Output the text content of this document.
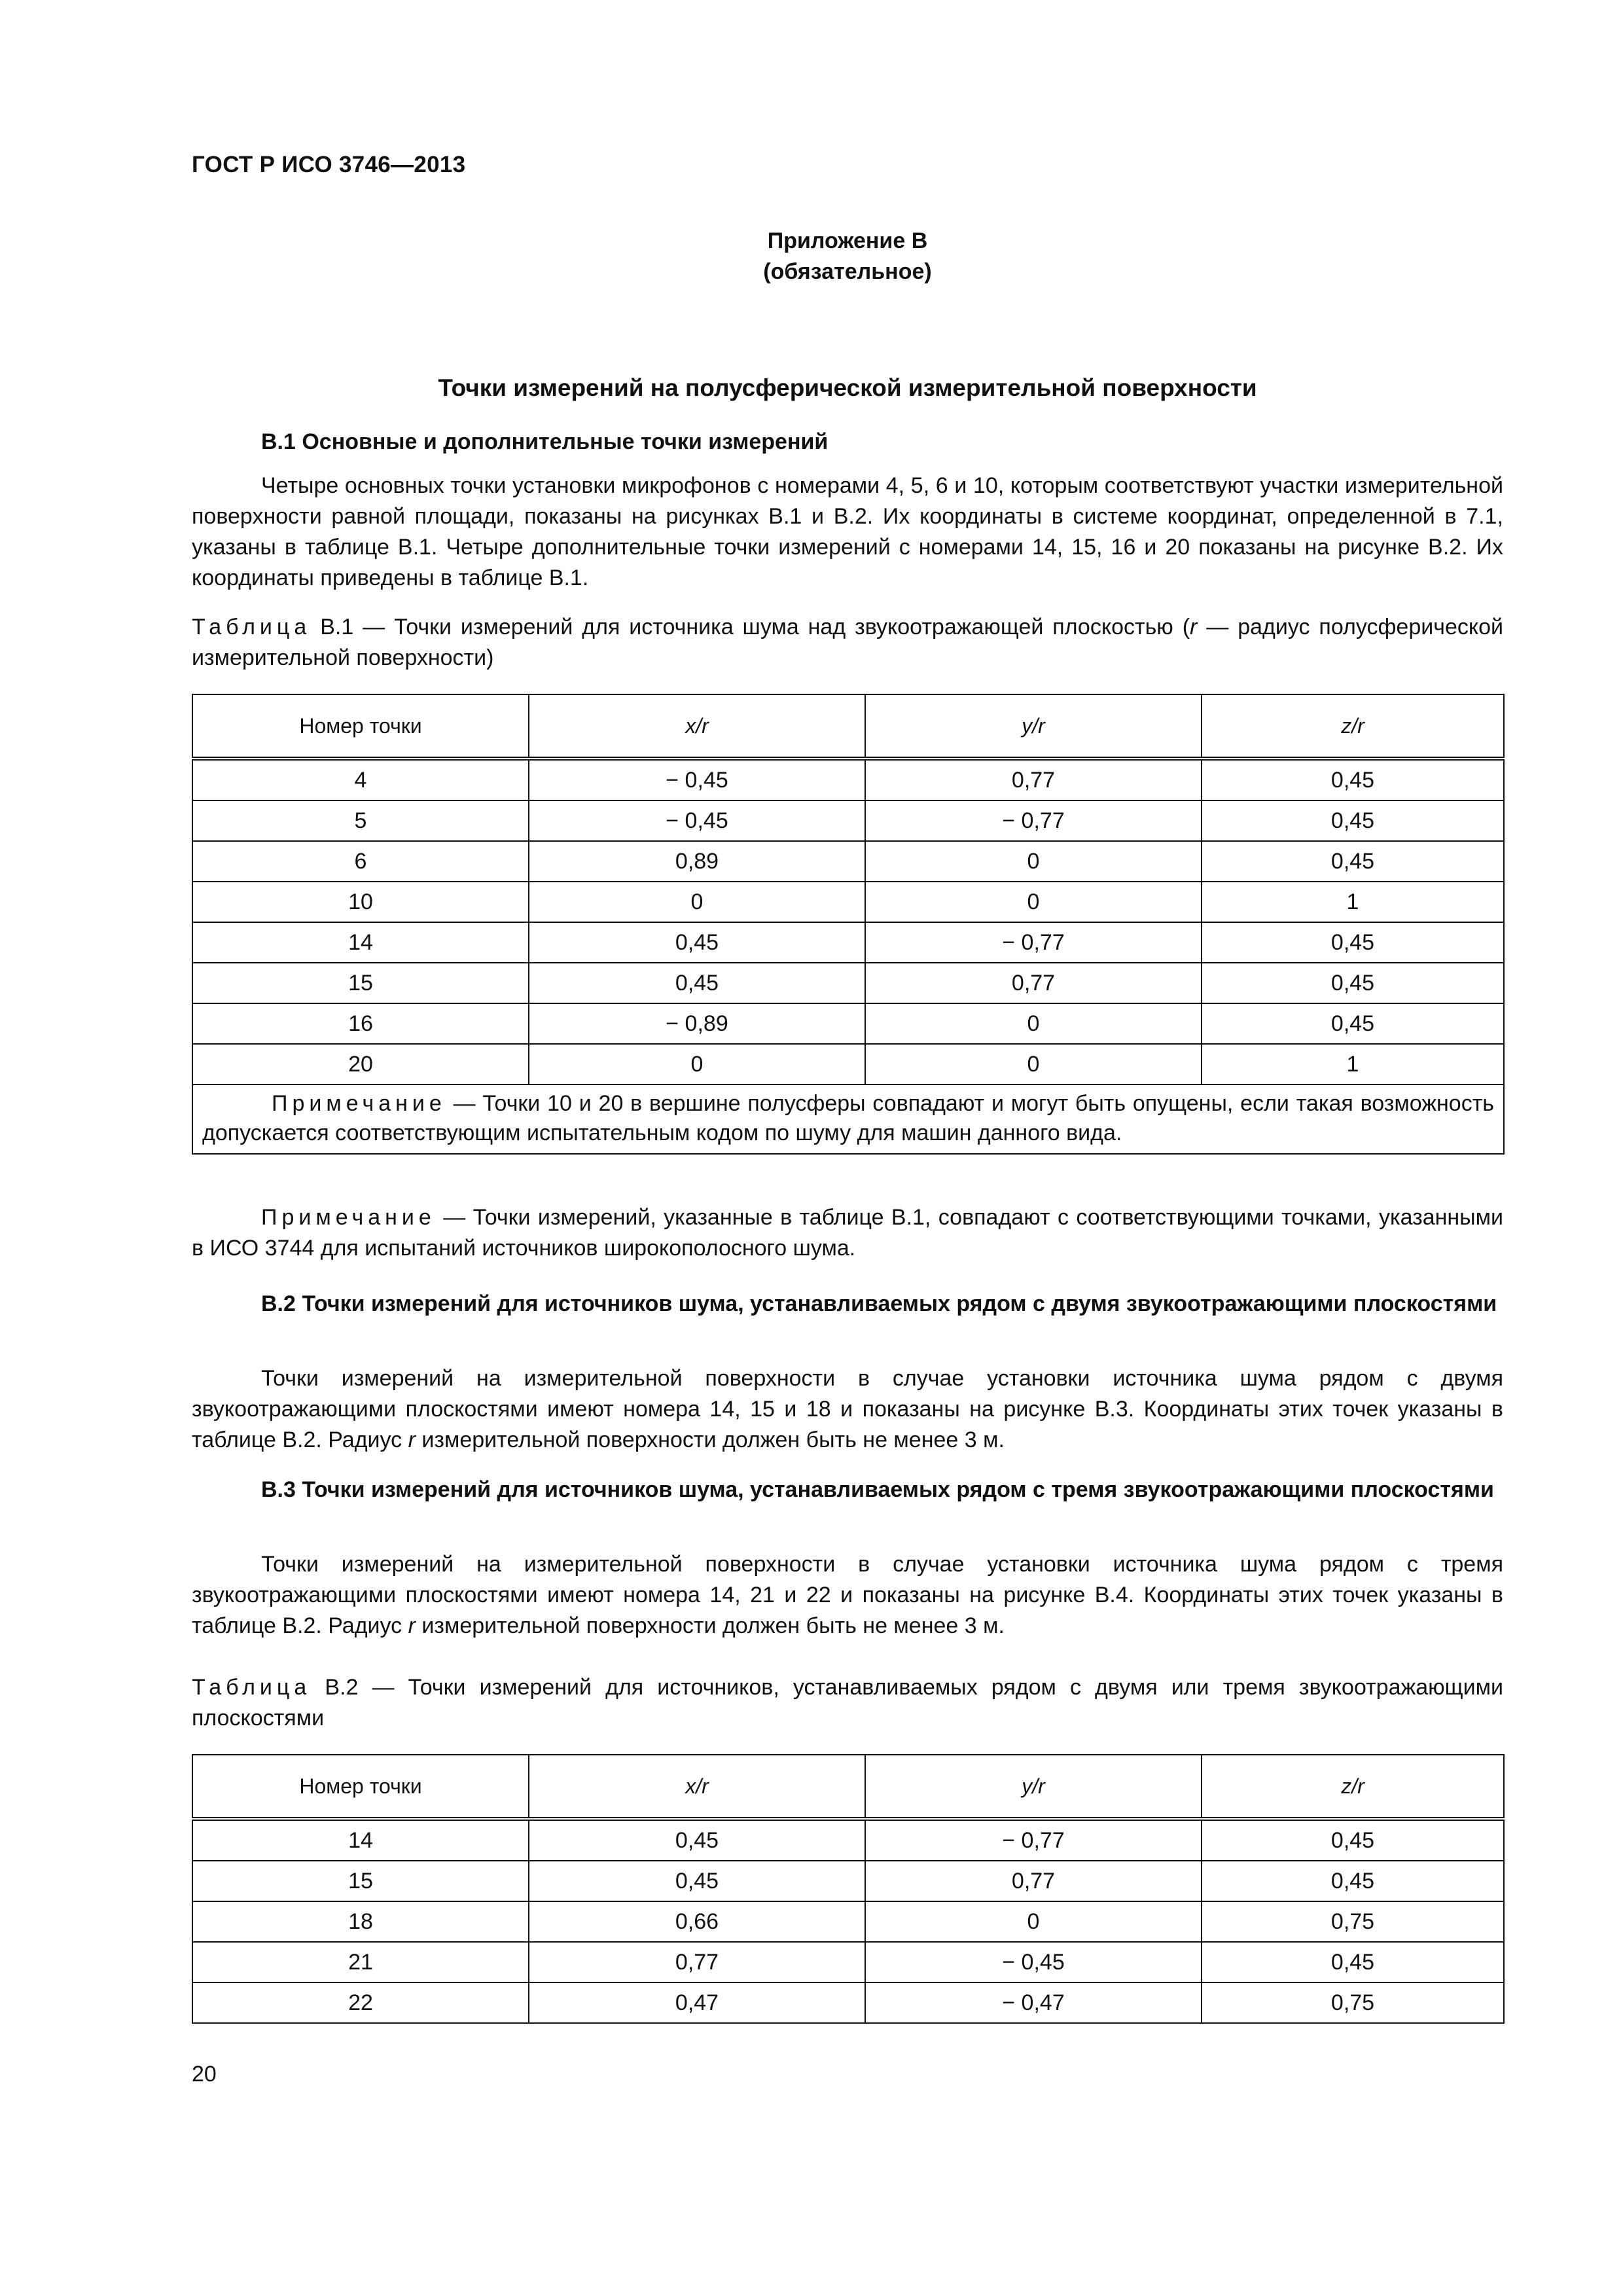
ГОСТ Р ИСО 3746—2013
Приложение В
(обязательное)
Точки измерений на полусферической измерительной поверхности
В.1 Основные и дополнительные точки измерений
Четыре основных точки установки микрофонов с номерами 4, 5, 6 и 10, которым соответствуют участки измерительной поверхности равной площади, показаны на рисунках В.1 и В.2. Их координаты в системе координат, определенной в 7.1, указаны в таблице В.1. Четыре дополнительные точки измерений с номерами 14, 15, 16 и 20 показаны на рисунке В.2. Их координаты приведены в таблице В.1.
Таблица В.1 — Точки измерений для источника шума над звукоотражающей плоскостью (r — радиус полусферической измерительной поверхности)
Номер точки	x/r	y/r	z/r
4	− 0,45	0,77	0,45
5	− 0,45	− 0,77	0,45
6	0,89	0	0,45
10	0	0	1
14	0,45	− 0,77	0,45
15	0,45	0,77	0,45
16	− 0,89	0	0,45
20	0	0	1
Примечание — Точки 10 и 20 в вершине полусферы совпадают и могут быть опущены, если такая возможность допускается соответствующим испытательным кодом по шуму для машин данного вида.			
Примечание — Точки измерений, указанные в таблице В.1, совпадают с соответствующими точками, указанными в ИСО 3744 для испытаний источников широкополосного шума.
В.2 Точки измерений для источников шума, устанавливаемых рядом с двумя звукоотражающими плоскостями
Точки измерений на измерительной поверхности в случае установки источника шума рядом с двумя звукоотражающими плоскостями имеют номера 14, 15 и 18 и показаны на рисунке В.3. Координаты этих точек указаны в таблице В.2. Радиус r измерительной поверхности должен быть не менее 3 м.
В.3 Точки измерений для источников шума, устанавливаемых рядом с тремя звукоотражающими плоскостями
Точки измерений на измерительной поверхности в случае установки источника шума рядом с тремя звукоотражающими плоскостями имеют номера 14, 21 и 22 и показаны на рисунке В.4. Координаты этих точек указаны в таблице В.2. Радиус r измерительной поверхности должен быть не менее 3 м.
Таблица В.2 — Точки измерений для источников, устанавливаемых рядом с двумя или тремя звукоотражающими плоскостями
Номер точки	x/r	y/r	z/r
14	0,45	− 0,77	0,45
15	0,45	0,77	0,45
18	0,66	0	0,75
21	0,77	− 0,45	0,45
22	0,47	− 0,47	0,75
20
